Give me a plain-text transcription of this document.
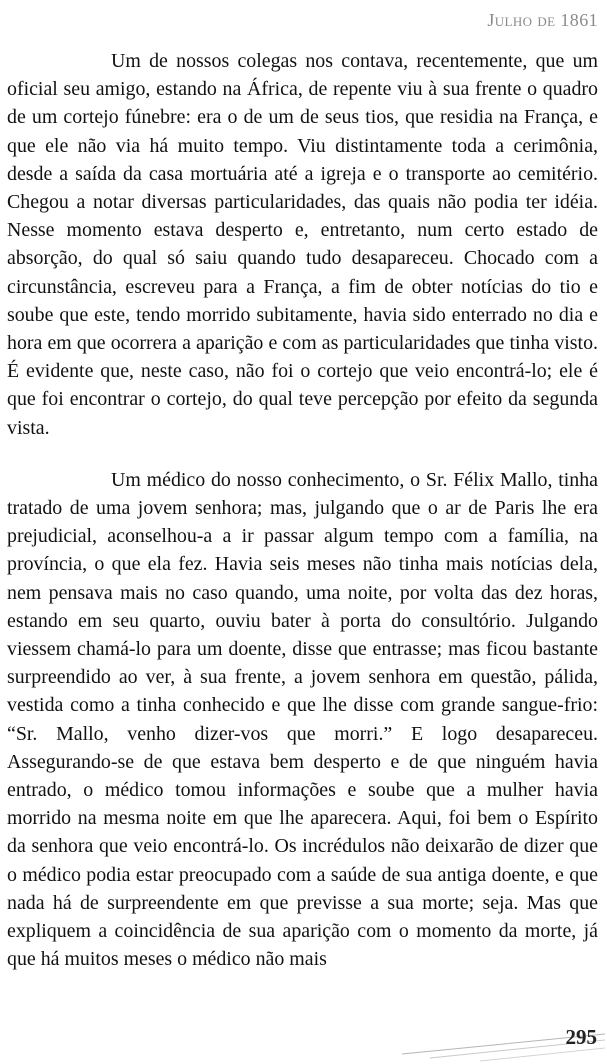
Julho de 1861

Um de nossos colegas nos contava, recentemente, que um oficial seu amigo, estando na África, de repente viu à sua frente o quadro de um cortejo fúnebre: era o de um de seus tios, que residia na França, e que ele não via há muito tempo. Viu distintamente toda a cerimônia, desde a saída da casa mortuária até a igreja e o transporte ao cemitério. Chegou a notar diversas particularidades, das quais não podia ter idéia. Nesse momento estava desperto e, entretanto, num certo estado de absorção, do qual só saiu quando tudo desapareceu. Chocado com a circunstância, escreveu para a França, a fim de obter notícias do tio e soube que este, tendo morrido subitamente, havia sido enterrado no dia e hora em que ocorrera a aparição e com as particularidades que tinha visto. É evidente que, neste caso, não foi o cortejo que veio encontrá-lo; ele é que foi encontrar o cortejo, do qual teve percepção por efeito da segunda vista.

Um médico do nosso conhecimento, o Sr. Félix Mallo, tinha tratado de uma jovem senhora; mas, julgando que o ar de Paris lhe era prejudicial, aconselhou-a a ir passar algum tempo com a família, na província, o que ela fez. Havia seis meses não tinha mais notícias dela, nem pensava mais no caso quando, uma noite, por volta das dez horas, estando em seu quarto, ouviu bater à porta do consultório. Julgando viessem chamá-lo para um doente, disse que entrasse; mas ficou bastante surpreendido ao ver, à sua frente, a jovem senhora em questão, pálida, vestida como a tinha conhecido e que lhe disse com grande sangue-frio: “Sr. Mallo, venho dizer-vos que morri.” E logo desapareceu. Assegurando-se de que estava bem desperto e de que ninguém havia entrado, o médico tomou informações e soube que a mulher havia morrido na mesma noite em que lhe aparecera. Aqui, foi bem o Espírito da senhora que veio encontrá-lo. Os incrédulos não deixarão de dizer que o médico podia estar preocupado com a saúde de sua antiga doente, e que nada há de surpreendente em que previsse a sua morte; seja. Mas que expliquem a coincidência de sua aparição com o momento da morte, já que há muitos meses o médico não mais

295
